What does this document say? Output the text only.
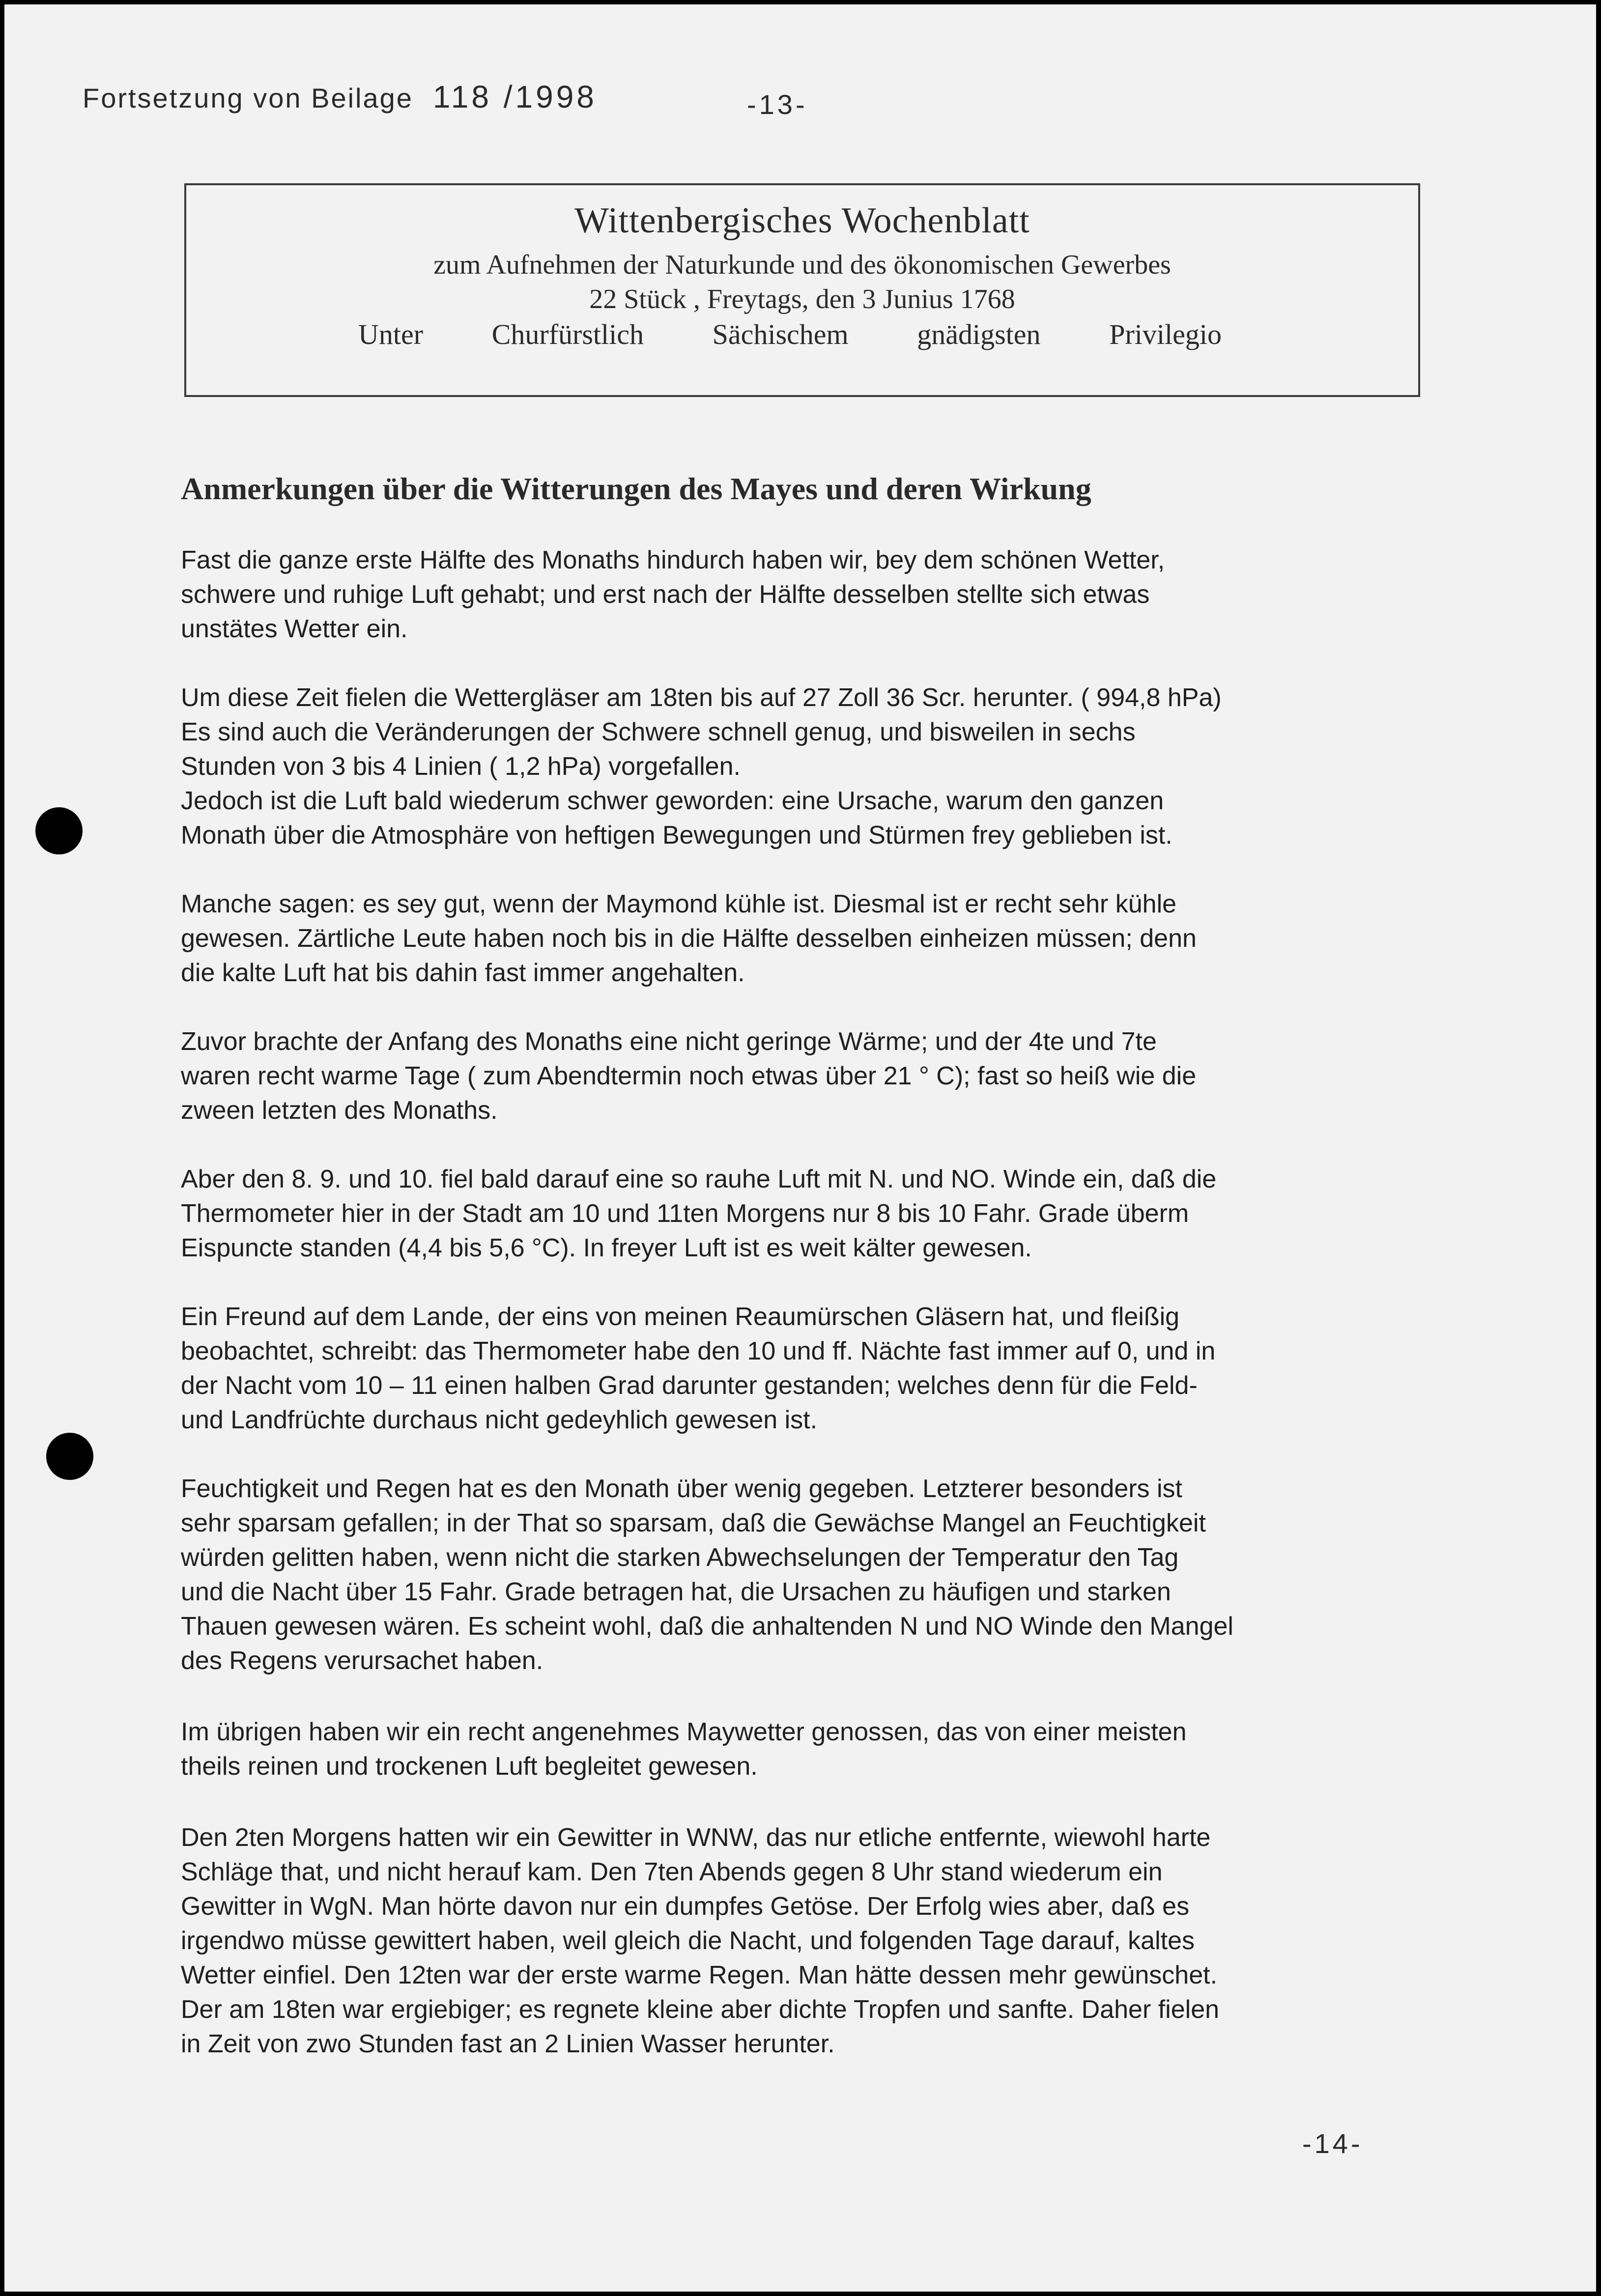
Fortsetzung von Beilage 118 /1998	-13-
Wittenbergisches Wochenblatt
zum Aufnehmen der Naturkunde und des ökonomischen Gewerbes
22 Stück , Freytags, den 3 Junius 1768
Unter Churfürstlich Sächischem gnädigsten Privilegio
Anmerkungen über die Witterungen des Mayes und deren Wirkung
Fast die ganze erste Hälfte des Monaths hindurch haben wir, bey dem schönen Wetter,
schwere und ruhige Luft gehabt; und erst nach der Hälfte desselben stellte sich etwas
unstätes Wetter ein.
Um diese Zeit fielen die Wettergläser am 18ten bis auf 27 Zoll 36 Scr. herunter. ( 994,8 hPa)
Es sind auch die Veränderungen der Schwere schnell genug, und bisweilen in sechs
Stunden von 3 bis 4 Linien ( 1,2 hPa) vorgefallen.
Jedoch ist die Luft bald wiederum schwer geworden: eine Ursache, warum den ganzen
Monath über die Atmosphäre von heftigen Bewegungen und Stürmen frey geblieben ist.
Manche sagen: es sey gut, wenn der Maymond kühle ist. Diesmal ist er recht sehr kühle
gewesen. Zärtliche Leute haben noch bis in die Hälfte desselben einheizen müssen; denn
die kalte Luft hat bis dahin fast immer angehalten.
Zuvor brachte der Anfang des Monaths eine nicht geringe Wärme; und der 4te und 7te
waren recht warme Tage ( zum Abendtermin noch etwas über 21 ° C); fast so heiß wie die
zween letzten des Monaths.
Aber den 8. 9. und 10. fiel bald darauf eine so rauhe Luft mit N. und NO. Winde ein, daß die
Thermometer hier in der Stadt am 10 und 11ten Morgens nur 8 bis 10 Fahr. Grade überm
Eispuncte standen (4,4 bis 5,6 °C). In freyer Luft ist es weit kälter gewesen.
Ein Freund auf dem Lande, der eins von meinen Reaumürschen Gläsern hat, und fleißig
beobachtet, schreibt: das Thermometer habe den 10 und ff. Nächte fast immer auf 0, und in
der Nacht vom 10 – 11 einen halben Grad darunter gestanden; welches denn für die Feld-
und Landfrüchte durchaus nicht gedeyhlich gewesen ist.
Feuchtigkeit und Regen hat es den Monath über wenig gegeben. Letzterer besonders ist
sehr sparsam gefallen; in der That so sparsam, daß die Gewächse Mangel an Feuchtigkeit
würden gelitten haben, wenn nicht die starken Abwechselungen der Temperatur den Tag
und die Nacht über 15 Fahr. Grade betragen hat, die Ursachen zu häufigen und starken
Thauen gewesen wären. Es scheint wohl, daß die anhaltenden N und NO Winde den Mangel
des Regens verursachet haben.
Im übrigen haben wir ein recht angenehmes Maywetter genossen, das von einer meisten
theils reinen und trockenen Luft begleitet gewesen.
Den 2ten Morgens hatten wir ein Gewitter in WNW, das nur etliche entfernte, wiewohl harte
Schläge that, und nicht herauf kam. Den 7ten Abends gegen 8 Uhr stand wiederum ein
Gewitter in WgN. Man hörte davon nur ein dumpfes Getöse. Der Erfolg wies aber, daß es
irgendwo müsse gewittert haben, weil gleich die Nacht, und folgenden Tage darauf, kaltes
Wetter einfiel. Den 12ten war der erste warme Regen. Man hätte dessen mehr gewünschet.
Der am 18ten war ergiebiger; es regnete kleine aber dichte Tropfen und sanfte. Daher fielen
in Zeit von zwo Stunden fast an 2 Linien Wasser herunter.
-14-
